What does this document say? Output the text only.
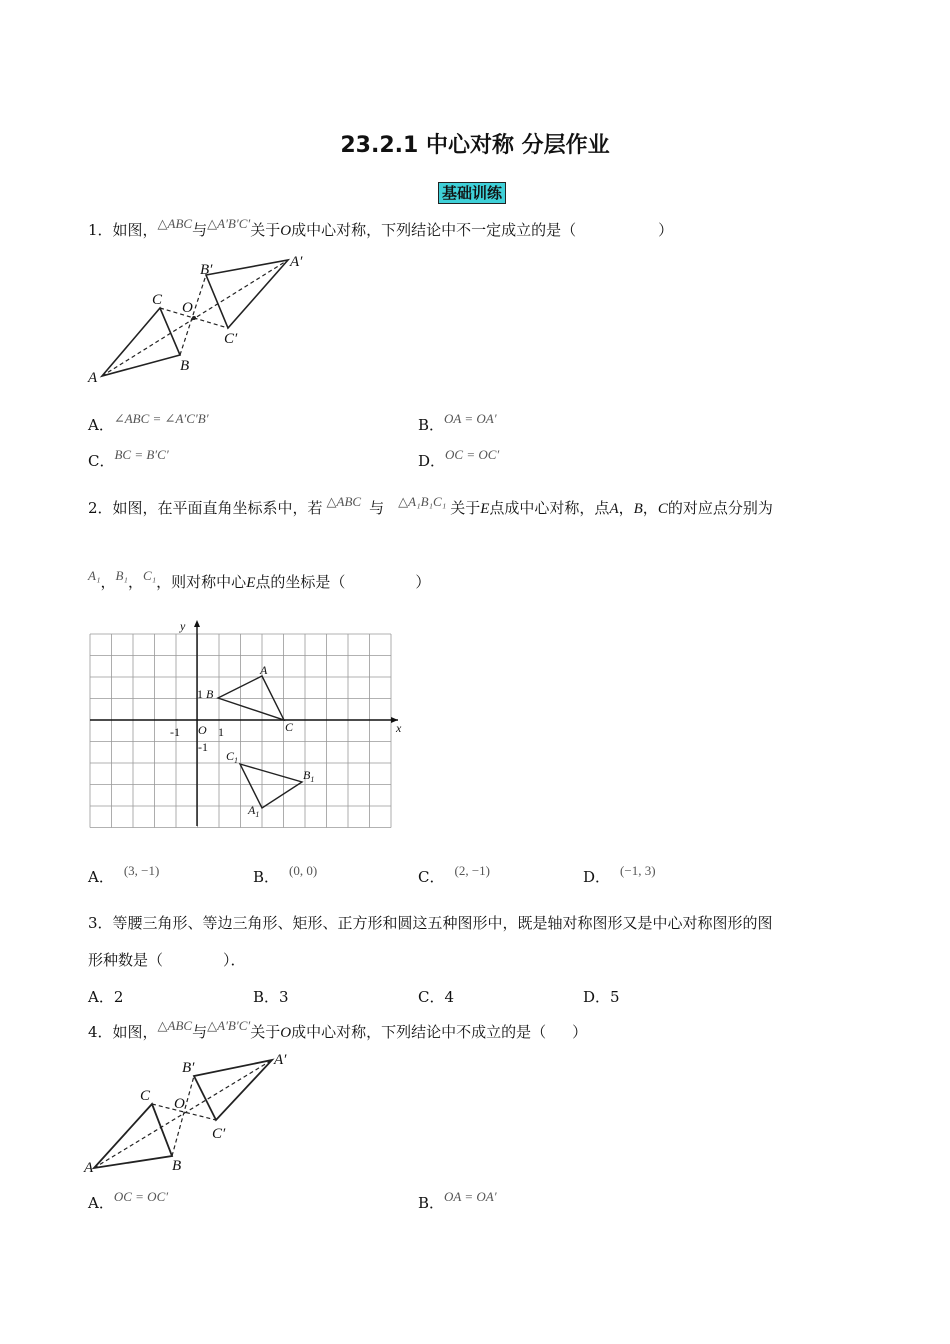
23.2.1 中心对称 分层作业
基础训练
1．如图，△ABC与△A′B′C′关于O成中心对称，下列结论中不一定成立的是（	）
A
B
C O
A′
B′
C′
A．∠ABC = ∠A′C′B′	B．OA = OA′
C．BC = B′C′	D．OC = OC′
2．如图，在平面直角坐标系中，若 △ABC 与 △A₁B₁C₁ 关于E点成中心对称，点A，B，C的对应点分别为
A₁，B₁，C₁，则对称中心E点的坐标是（	）
y
x
1 B
A
C
-1 O 1
-1
$C_1$
$B_1$
$A_1$
A． (3, −1)	B． (0, 0)	C． (2, −1)	D． (−1, 3)
3．等腰三角形、等边三角形、矩形、正方形和圆这五种图形中，既是轴对称图形又是中心对称图形的图
形种数是（　　　　）．
A．2	B．3	C．4	D．5
4．如图，△ABC与△A′B′C′关于O成中心对称，下列结论中不成立的是（ ）
A	B
C O
A′
B′
C′
A．OC = OC′	B．OA = OA′
